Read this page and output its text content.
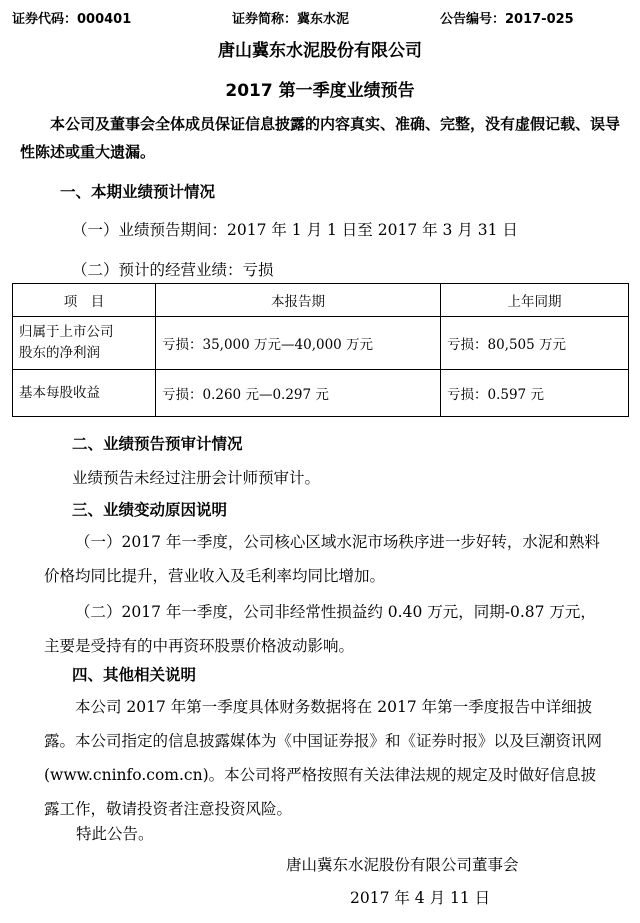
证券代码：000401	证券简称：冀东水泥	公告编号：2017-025
唐山冀东水泥股份有限公司
2017 第一季度业绩预告
本公司及董事会全体成员保证信息披露的内容真实、准确、完整，没有虚假记载、误导性陈述或重大遗漏。
一、本期业绩预计情况
（一）业绩预告期间：2017 年 1 月 1 日至 2017 年 3 月 31 日
（二）预计的经营业绩：亏损
项　目	本报告期	上年同期

归属于上市公司
股东的净利润	亏损：35,000 万元—40,000 万元	亏损：80,505 万元
基本每股收益	亏损：0.260 元—0.297 元	亏损：0.597 元
二、业绩预告预审计情况
业绩预告未经过注册会计师预审计。
三、业绩变动原因说明
（一）2017 年一季度，公司核心区域水泥市场秩序进一步好转，水泥和熟料价格均同比提升，营业收入及毛利率均同比增加。
（二）2017 年一季度，公司非经常性损益约 0.40 万元，同期-0.87 万元，主要是受持有的中再资环股票价格波动影响。
四、其他相关说明
本公司 2017 年第一季度具体财务数据将在 2017 年第一季度报告中详细披露。本公司指定的信息披露媒体为《中国证券报》和《证券时报》以及巨潮资讯网(www.cninfo.com.cn)。本公司将严格按照有关法律法规的规定及时做好信息披露工作，敬请投资者注意投资风险。
特此公告。
唐山冀东水泥股份有限公司董事会
2017 年 4 月 11 日
